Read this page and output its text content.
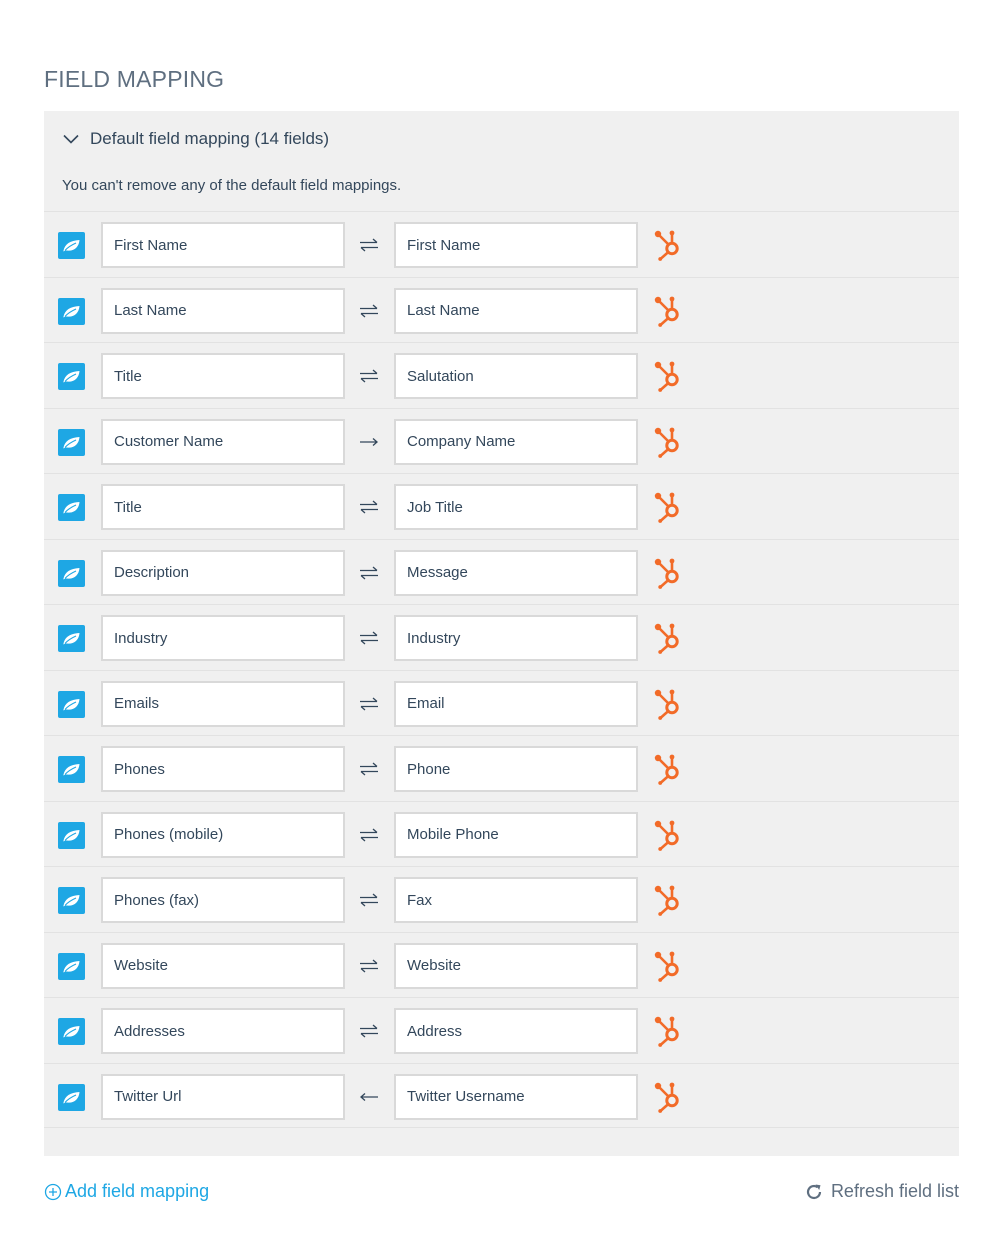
FIELD MAPPING
Default field mapping (14 fields)
You can't remove any of the default field mappings.
First Name	First Name
Last Name	Last Name
Title	Salutation
Customer Name	Company Name
Title	Job Title
Description	Message
Industry	Industry
Emails	Email
Phones	Phone
Phones (mobile)	Mobile Phone
Phones (fax)	Fax
Website	Website
Addresses	Address
Twitter Url	Twitter Username
Add field mapping	Refresh field list
